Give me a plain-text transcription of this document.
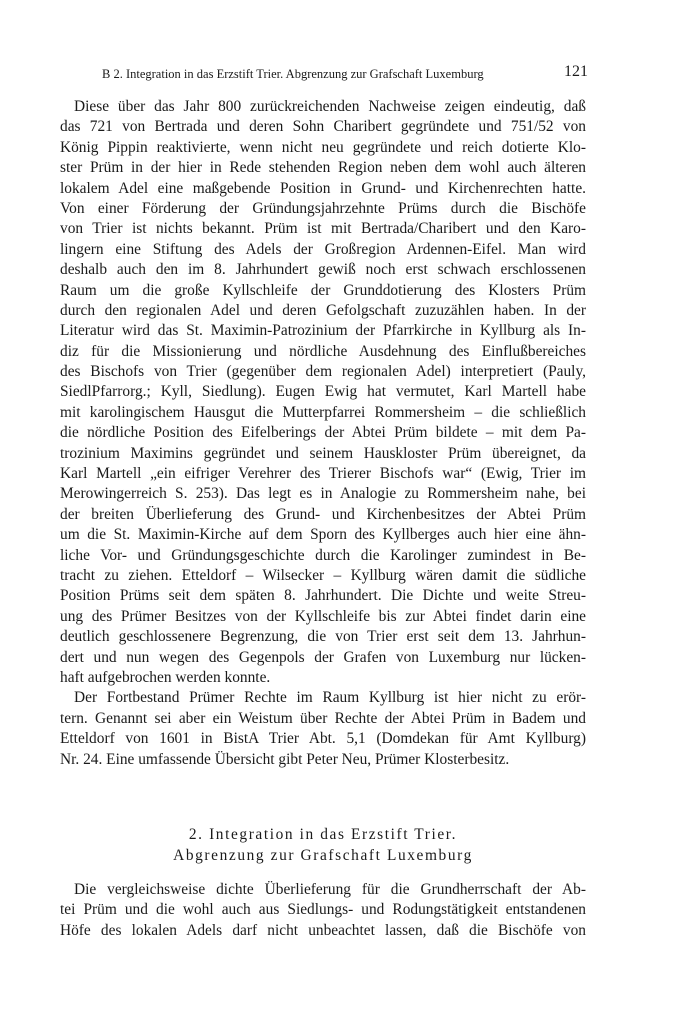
B 2. Integration in das Erzstift Trier. Abgrenzung zur Grafschaft Luxemburg	121
Diese über das Jahr 800 zurückreichenden Nachweise zeigen eindeutig, daß
das 721 von Bertrada und deren Sohn Charibert gegründete und 751/52 von
König Pippin reaktivierte, wenn nicht neu gegründete und reich dotierte Klo-
ster Prüm in der hier in Rede stehenden Region neben dem wohl auch älteren
lokalem Adel eine maßgebende Position in Grund- und Kirchenrechten hatte.
Von einer Förderung der Gründungsjahrzehnte Prüms durch die Bischöfe
von Trier ist nichts bekannt. Prüm ist mit Bertrada/Charibert und den Karo-
lingern eine Stiftung des Adels der Großregion Ardennen-Eifel. Man wird
deshalb auch den im 8. Jahrhundert gewiß noch erst schwach erschlossenen
Raum um die große Kyllschleife der Grunddotierung des Klosters Prüm
durch den regionalen Adel und deren Gefolgschaft zuzuzählen haben. In der
Literatur wird das St. Maximin-Patrozinium der Pfarrkirche in Kyllburg als In-
diz für die Missionierung und nördliche Ausdehnung des Einflußbereiches
des Bischofs von Trier (gegenüber dem regionalen Adel) interpretiert (Pauly,
SiedlPfarrorg.; Kyll, Siedlung). Eugen Ewig hat vermutet, Karl Martell habe
mit karolingischem Hausgut die Mutterpfarrei Rommersheim – die schließlich
die nördliche Position des Eifelberings der Abtei Prüm bildete – mit dem Pa-
trozinium Maximins gegründet und seinem Hauskloster Prüm übereignet, da
Karl Martell „ein eifriger Verehrer des Trierer Bischofs war“ (Ewig, Trier im
Merowingerreich S. 253). Das legt es in Analogie zu Rommersheim nahe, bei
der breiten Überlieferung des Grund- und Kirchenbesitzes der Abtei Prüm
um die St. Maximin-Kirche auf dem Sporn des Kyllberges auch hier eine ähn-
liche Vor- und Gründungsgeschichte durch die Karolinger zumindest in Be-
tracht zu ziehen. Etteldorf – Wilsecker – Kyllburg wären damit die südliche
Position Prüms seit dem späten 8. Jahrhundert. Die Dichte und weite Streu-
ung des Prümer Besitzes von der Kyllschleife bis zur Abtei findet darin eine
deutlich geschlossenere Begrenzung, die von Trier erst seit dem 13. Jahrhun-
dert und nun wegen des Gegenpols der Grafen von Luxemburg nur lücken-
haft aufgebrochen werden konnte.
Der Fortbestand Prümer Rechte im Raum Kyllburg ist hier nicht zu erör-
tern. Genannt sei aber ein Weistum über Rechte der Abtei Prüm in Badem und
Etteldorf von 1601 in BistA Trier Abt. 5,1 (Domdekan für Amt Kyllburg)
Nr. 24. Eine umfassende Übersicht gibt Peter Neu, Prümer Klosterbesitz.
2. Integration in das Erzstift Trier.
Abgrenzung zur Grafschaft Luxemburg
Die vergleichsweise dichte Überlieferung für die Grundherrschaft der Ab-
tei Prüm und die wohl auch aus Siedlungs- und Rodungstätigkeit entstandenen
Höfe des lokalen Adels darf nicht unbeachtet lassen, daß die Bischöfe von
